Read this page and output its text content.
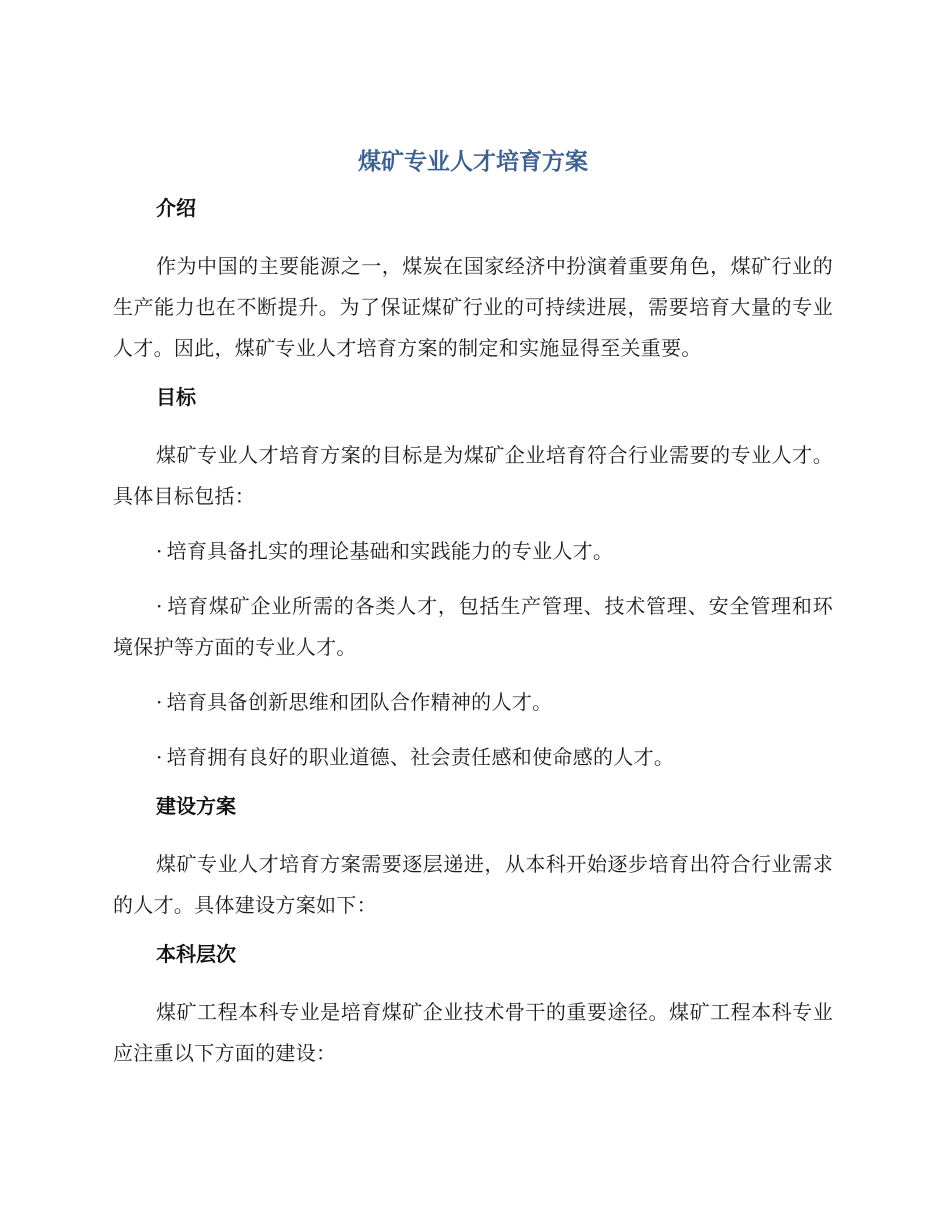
煤矿专业人才培育方案
介绍

作为中国的主要能源之一，煤炭在国家经济中扮演着重要角色，煤矿行业的生产能力也在不断提升。为了保证煤矿行业的可持续进展，需要培育大量的专业人才。因此，煤矿专业人才培育方案的制定和实施显得至关重要。

目标

煤矿专业人才培育方案的目标是为煤矿企业培育符合行业需要的专业人才。具体目标包括：

· 培育具备扎实的理论基础和实践能力的专业人才。

· 培育煤矿企业所需的各类人才，包括生产管理、技术管理、安全管理和环境保护等方面的专业人才。

· 培育具备创新思维和团队合作精神的人才。

· 培育拥有良好的职业道德、社会责任感和使命感的人才。

建设方案

煤矿专业人才培育方案需要逐层递进，从本科开始逐步培育出符合行业需求的人才。具体建设方案如下：

本科层次

煤矿工程本科专业是培育煤矿企业技术骨干的重要途径。煤矿工程本科专业应注重以下方面的建设：
